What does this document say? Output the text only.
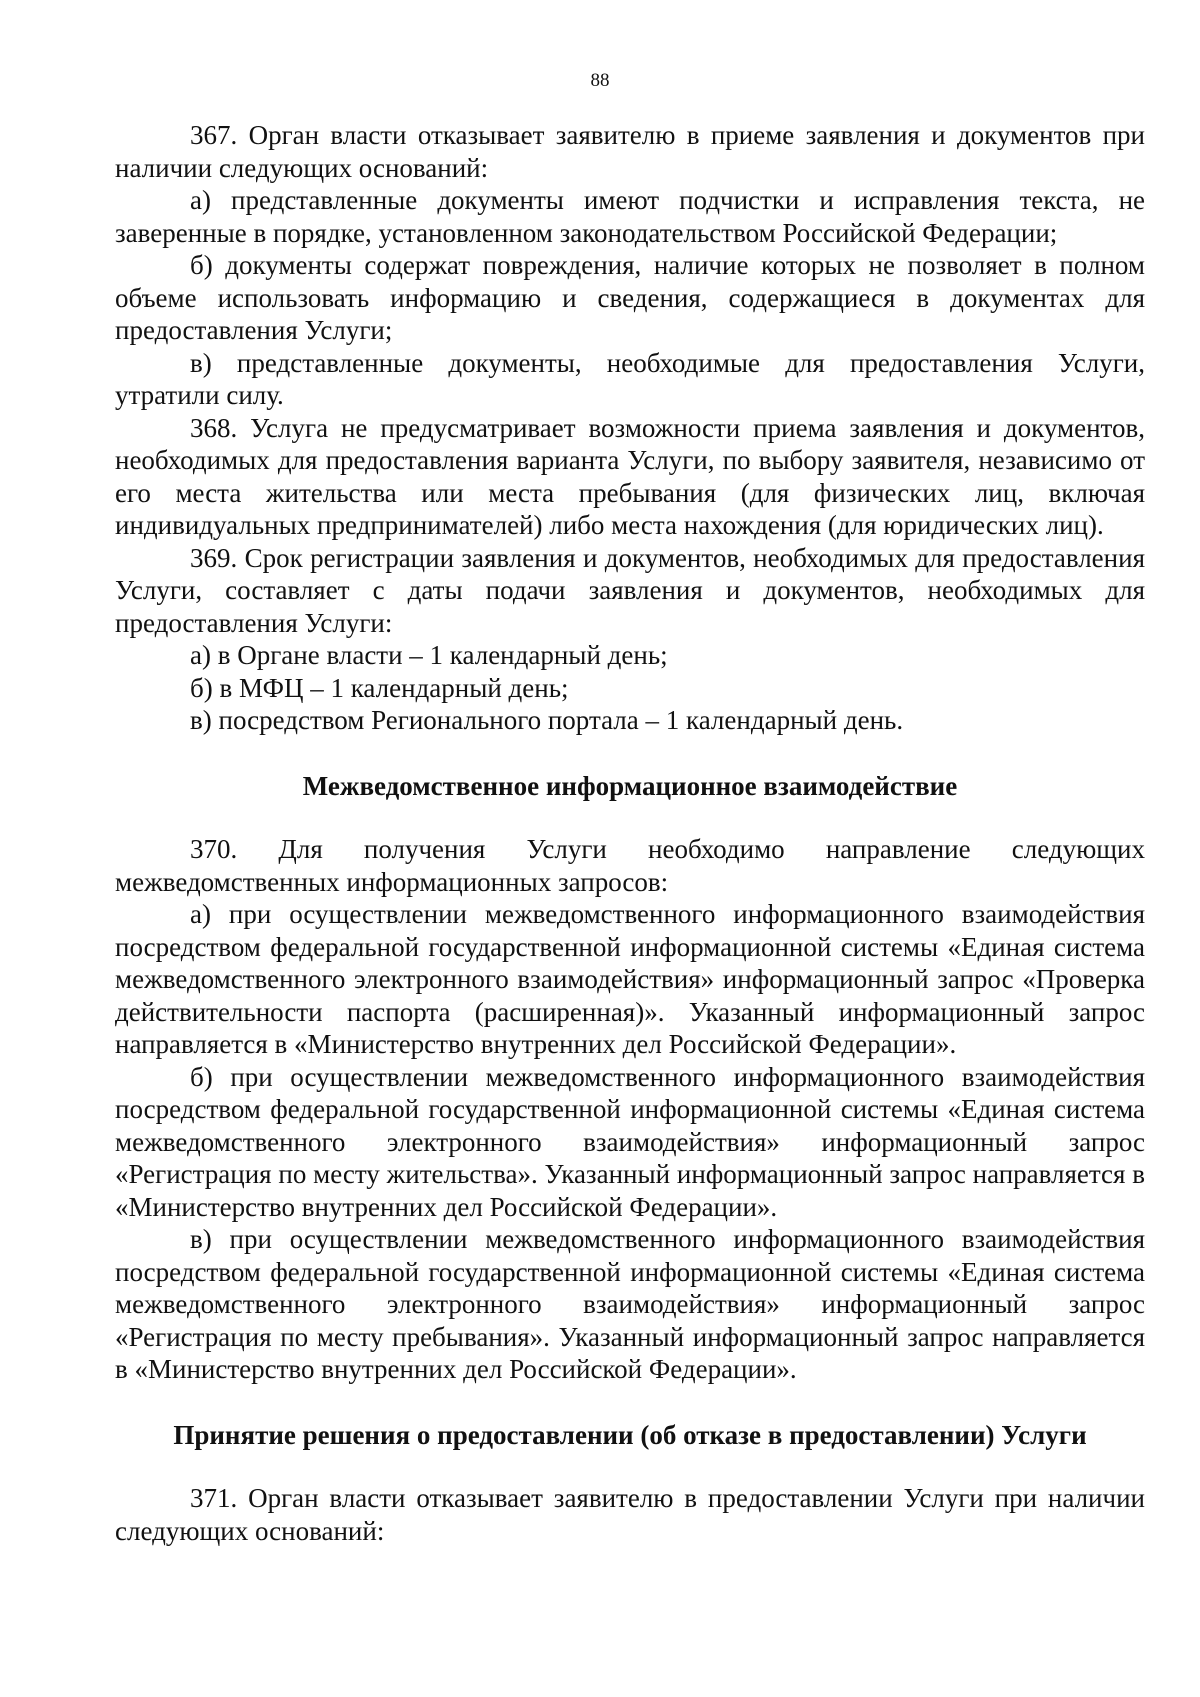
88

367. Орган власти отказывает заявителю в приеме заявления и документов при наличии следующих оснований:

а) представленные документы имеют подчистки и исправления текста, не заверенные в порядке, установленном законодательством Российской Федерации;

б) документы содержат повреждения, наличие которых не позволяет в полном объеме использовать информацию и сведения, содержащиеся в документах для предоставления Услуги;

в) представленные документы, необходимые для предоставления Услуги, утратили силу.

368. Услуга не предусматривает возможности приема заявления и документов, необходимых для предоставления варианта Услуги, по выбору заявителя, независимо от его места жительства или места пребывания (для физических лиц, включая индивидуальных предпринимателей) либо места нахождения (для юридических лиц).

369. Срок регистрации заявления и документов, необходимых для предоставления Услуги, составляет с даты подачи заявления и документов, необходимых для предоставления Услуги:

а) в Органе власти – 1 календарный день;

б) в МФЦ – 1 календарный день;

в) посредством Регионального портала – 1 календарный день.

Межведомственное информационное взаимодействие

370. Для получения Услуги необходимо направление следующих межведомственных информационных запросов:

а) при осуществлении межведомственного информационного взаимодействия посредством федеральной государственной информационной системы «Единая система межведомственного электронного взаимодействия» информационный запрос «Проверка действительности паспорта (расширенная)». Указанный информационный запрос направляется в «Министерство внутренних дел Российской Федерации».

б) при осуществлении межведомственного информационного взаимодействия посредством федеральной государственной информационной системы «Единая система межведомственного электронного взаимодействия» информационный запрос «Регистрация по месту жительства». Указанный информационный запрос направляется в «Министерство внутренних дел Российской Федерации».

в) при осуществлении межведомственного информационного взаимодействия посредством федеральной государственной информационной системы «Единая система межведомственного электронного взаимодействия» информационный запрос «Регистрация по месту пребывания». Указанный информационный запрос направляется в «Министерство внутренних дел Российской Федерации».

Принятие решения о предоставлении (об отказе в предоставлении) Услуги

371. Орган власти отказывает заявителю в предоставлении Услуги при наличии следующих оснований:
